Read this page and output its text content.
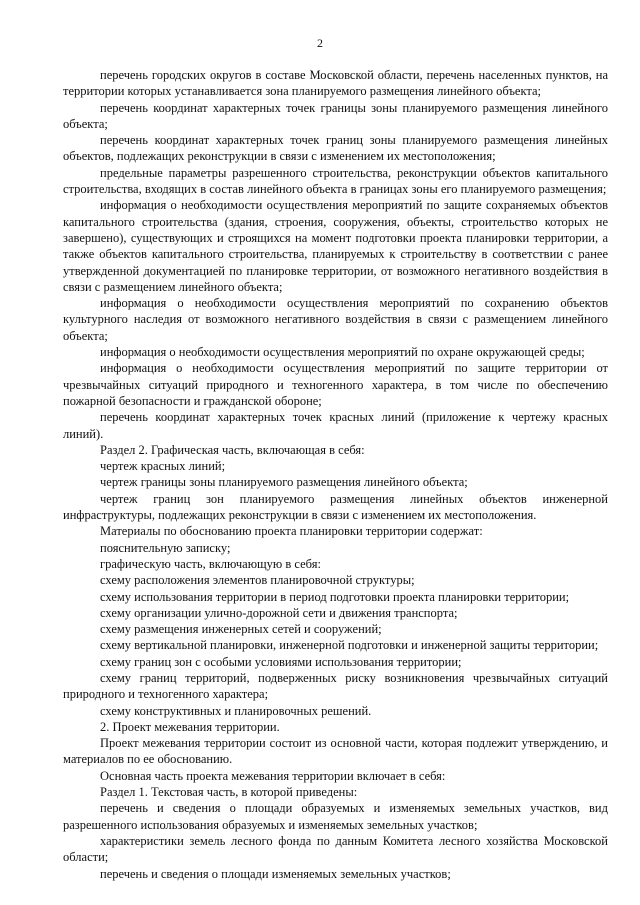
2

перечень городских округов в составе Московской области, перечень населенных пунктов, на территории которых устанавливается зона планируемого размещения линейного объекта;

перечень координат характерных точек границы зоны планируемого размещения линейного объекта;

перечень координат характерных точек границ зоны планируемого размещения линейных объектов, подлежащих реконструкции в связи с изменением их местоположения;

предельные параметры разрешенного строительства, реконструкции объектов капитального строительства, входящих в состав линейного объекта в границах зоны его планируемого размещения;

информация о необходимости осуществления мероприятий по защите сохраняемых объектов капитального строительства (здания, строения, сооружения, объекты, строительство которых не завершено), существующих и строящихся на момент подготовки проекта планировки территории, а также объектов капитального строительства, планируемых к строительству в соответствии с ранее утвержденной документацией по планировке территории, от возможного негативного воздействия в связи с размещением линейного объекта;

информация о необходимости осуществления мероприятий по сохранению объектов культурного наследия от возможного негативного воздействия в связи с размещением линейного объекта;

информация о необходимости осуществления мероприятий по охране окружающей среды;

информация о необходимости осуществления мероприятий по защите территории от чрезвычайных ситуаций природного и техногенного характера, в том числе по обеспечению пожарной безопасности и гражданской обороне;

перечень координат характерных точек красных линий (приложение к чертежу красных линий).

Раздел 2. Графическая часть, включающая в себя:

чертеж красных линий;

чертеж границы зоны планируемого размещения линейного объекта;

чертеж границ зон планируемого размещения линейных объектов инженерной инфраструктуры, подлежащих реконструкции в связи с изменением их местоположения.

Материалы по обоснованию проекта планировки территории содержат:

пояснительную записку;

графическую часть, включающую в себя:

схему расположения элементов планировочной структуры;

схему использования территории в период подготовки проекта планировки территории;

схему организации улично-дорожной сети и движения транспорта;

схему размещения инженерных сетей и сооружений;

схему вертикальной планировки, инженерной подготовки и инженерной защиты территории;

схему границ зон с особыми условиями использования территории;

схему границ территорий, подверженных риску возникновения чрезвычайных ситуаций природного и техногенного характера;

схему конструктивных и планировочных решений.

2. Проект межевания территории.

Проект межевания территории состоит из основной части, которая подлежит утверждению, и материалов по ее обоснованию.

Основная часть проекта межевания территории включает в себя:

Раздел 1. Текстовая часть, в которой приведены:

перечень и сведения о площади образуемых и изменяемых земельных участков, вид разрешенного использования образуемых и изменяемых земельных участков;

характеристики земель лесного фонда по данным Комитета лесного хозяйства Московской области;

перечень и сведения о площади изменяемых земельных участков;
